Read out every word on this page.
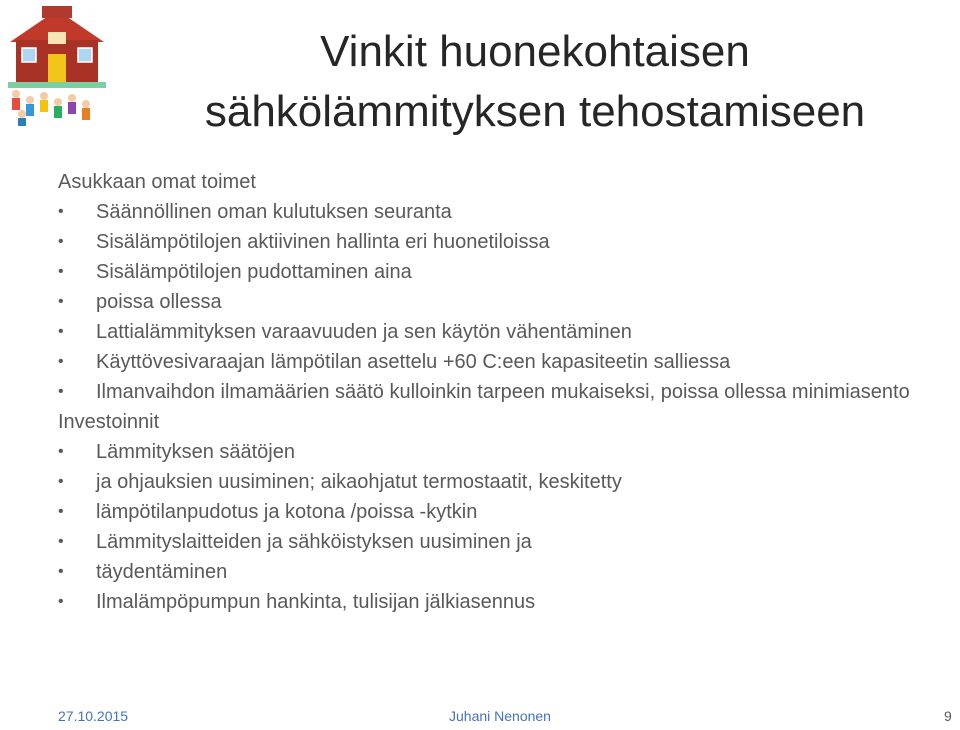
Vinkit huonekohtaisen
sähkölämmityksen tehostamiseen

Asukkaan omat toimet

•	Säännöllinen oman kulutuksen seuranta
•	Sisälämpötilojen aktiivinen hallinta eri huonetiloissa
•	Sisälämpötilojen pudottaminen aina
•	poissa ollessa
•	Lattialämmityksen varaavuuden ja sen käytön vähentäminen
•	Käyttövesivaraajan lämpötilan asettelu +60 C:een kapasiteetin salliessa
•	Ilmanvaihdon ilmamäärien säätö kulloinkin tarpeen mukaiseksi, poissa ollessa minimiasento

Investoinnit

•	Lämmityksen säätöjen
•	ja ohjauksien uusiminen; aikaohjatut termostaatit, keskitetty
•	lämpötilanpudotus ja kotona /poissa -kytkin
•	Lämmityslaitteiden ja sähköistyksen uusiminen ja
•	täydentäminen
•	Ilmalämpöpumpun hankinta, tulisijan jälkiasennus
27.10.2015	Juhani Nenonen	9
